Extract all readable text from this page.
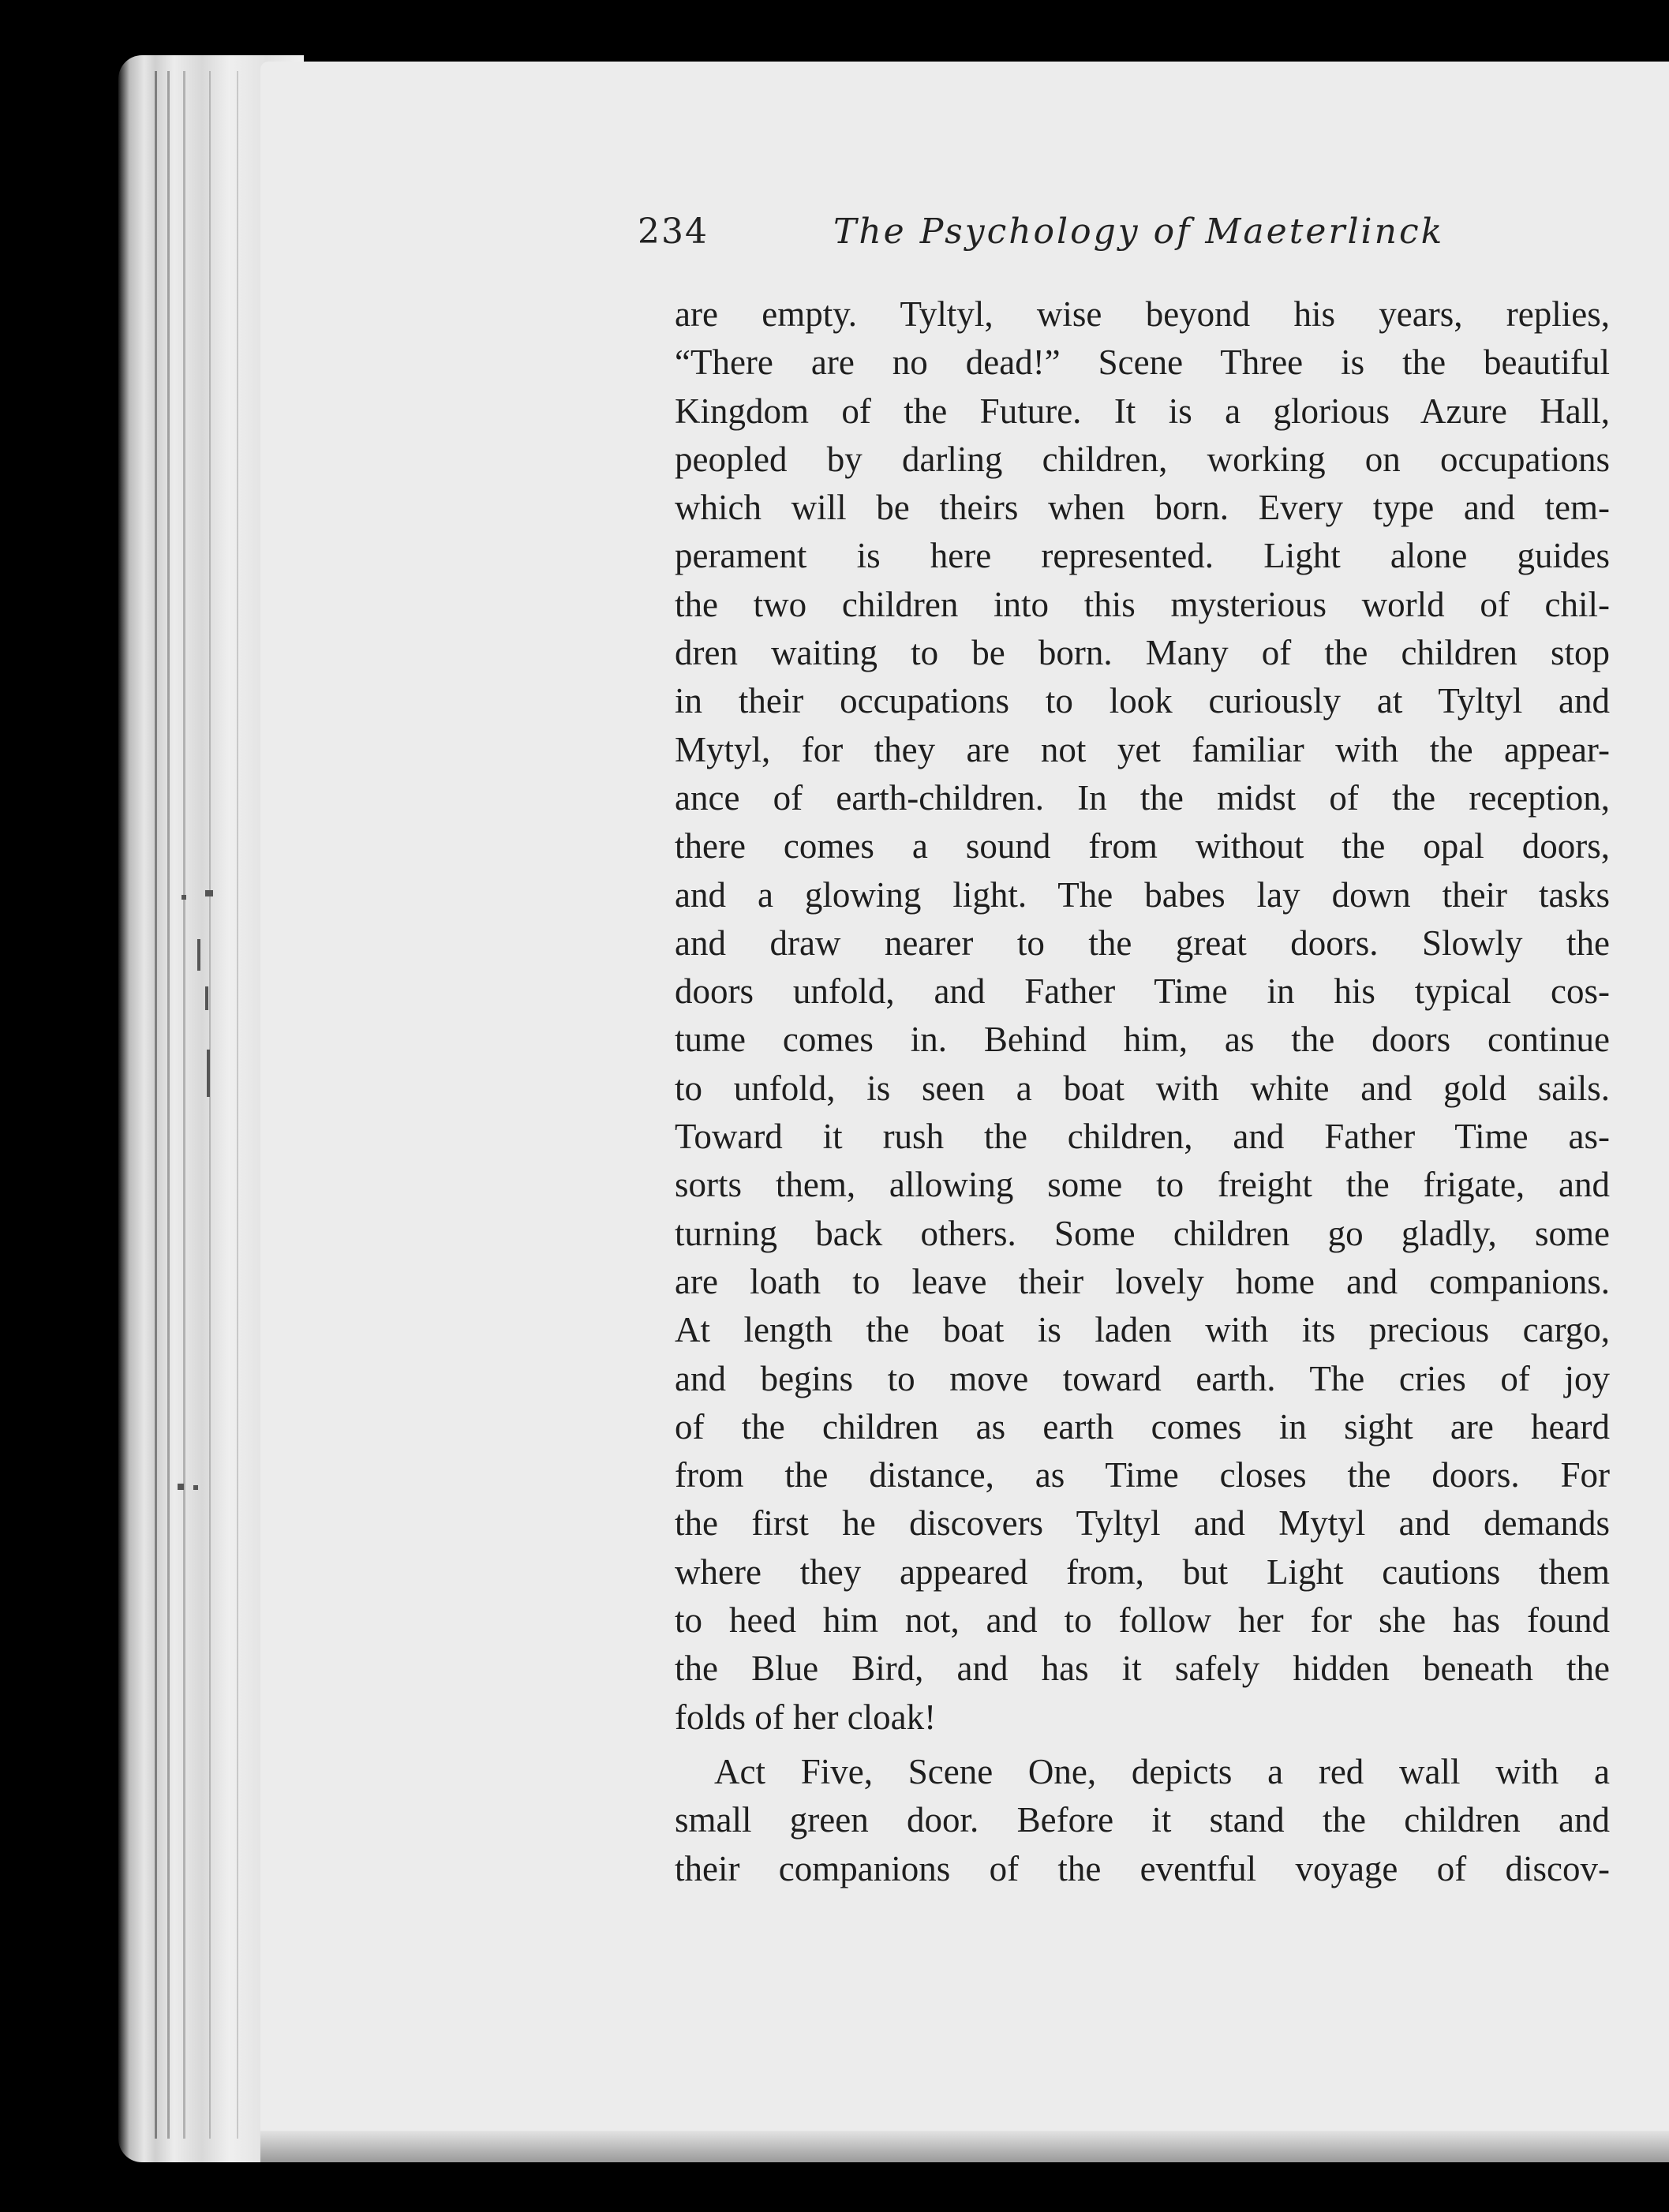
234	The Psychology of Maeterlinck
are empty. Tyltyl, wise beyond his years, replies,
“There are no dead!” Scene Three is the beautiful
Kingdom of the Future. It is a glorious Azure Hall,
peopled by darling children, working on occupations
which will be theirs when born. Every type and tem-
perament is here represented. Light alone guides
the two children into this mysterious world of chil-
dren waiting to be born. Many of the children stop
in their occupations to look curiously at Tyltyl and
Mytyl, for they are not yet familiar with the appear-
ance of earth-children. In the midst of the reception,
there comes a sound from without the opal doors,
and a glowing light. The babes lay down their tasks
and draw nearer to the great doors. Slowly the
doors unfold, and Father Time in his typical cos-
tume comes in. Behind him, as the doors continue
to unfold, is seen a boat with white and gold sails.
Toward it rush the children, and Father Time as-
sorts them, allowing some to freight the frigate, and
turning back others. Some children go gladly, some
are loath to leave their lovely home and companions.
At length the boat is laden with its precious cargo,
and begins to move toward earth. The cries of joy
of the children as earth comes in sight are heard
from the distance, as Time closes the doors. For
the first he discovers Tyltyl and Mytyl and demands
where they appeared from, but Light cautions them
to heed him not, and to follow her for she has found
the Blue Bird, and has it safely hidden beneath the
folds of her cloak!
Act Five, Scene One, depicts a red wall with a
small green door. Before it stand the children and
their companions of the eventful voyage of discov-
